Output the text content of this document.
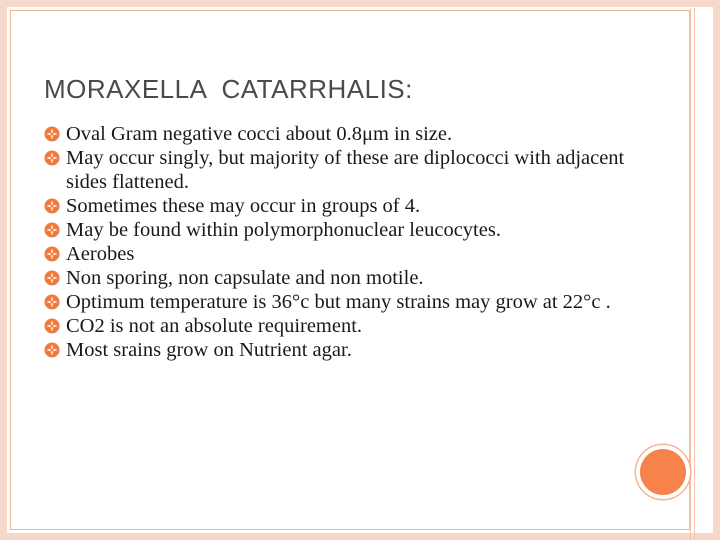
MORAXELLA  CATARRHALIS:
Oval Gram negative cocci about 0.8μm in size.
May occur singly, but majority of these are diplococci with adjacent sides flattened.
Sometimes these may occur in groups of 4.
May be found within polymorphonuclear leucocytes.
Aerobes
Non sporing, non capsulate and non motile.
Optimum temperature is 36°c but many strains may grow at 22°c .
CO2 is not an absolute requirement.
Most srains grow on Nutrient agar.
